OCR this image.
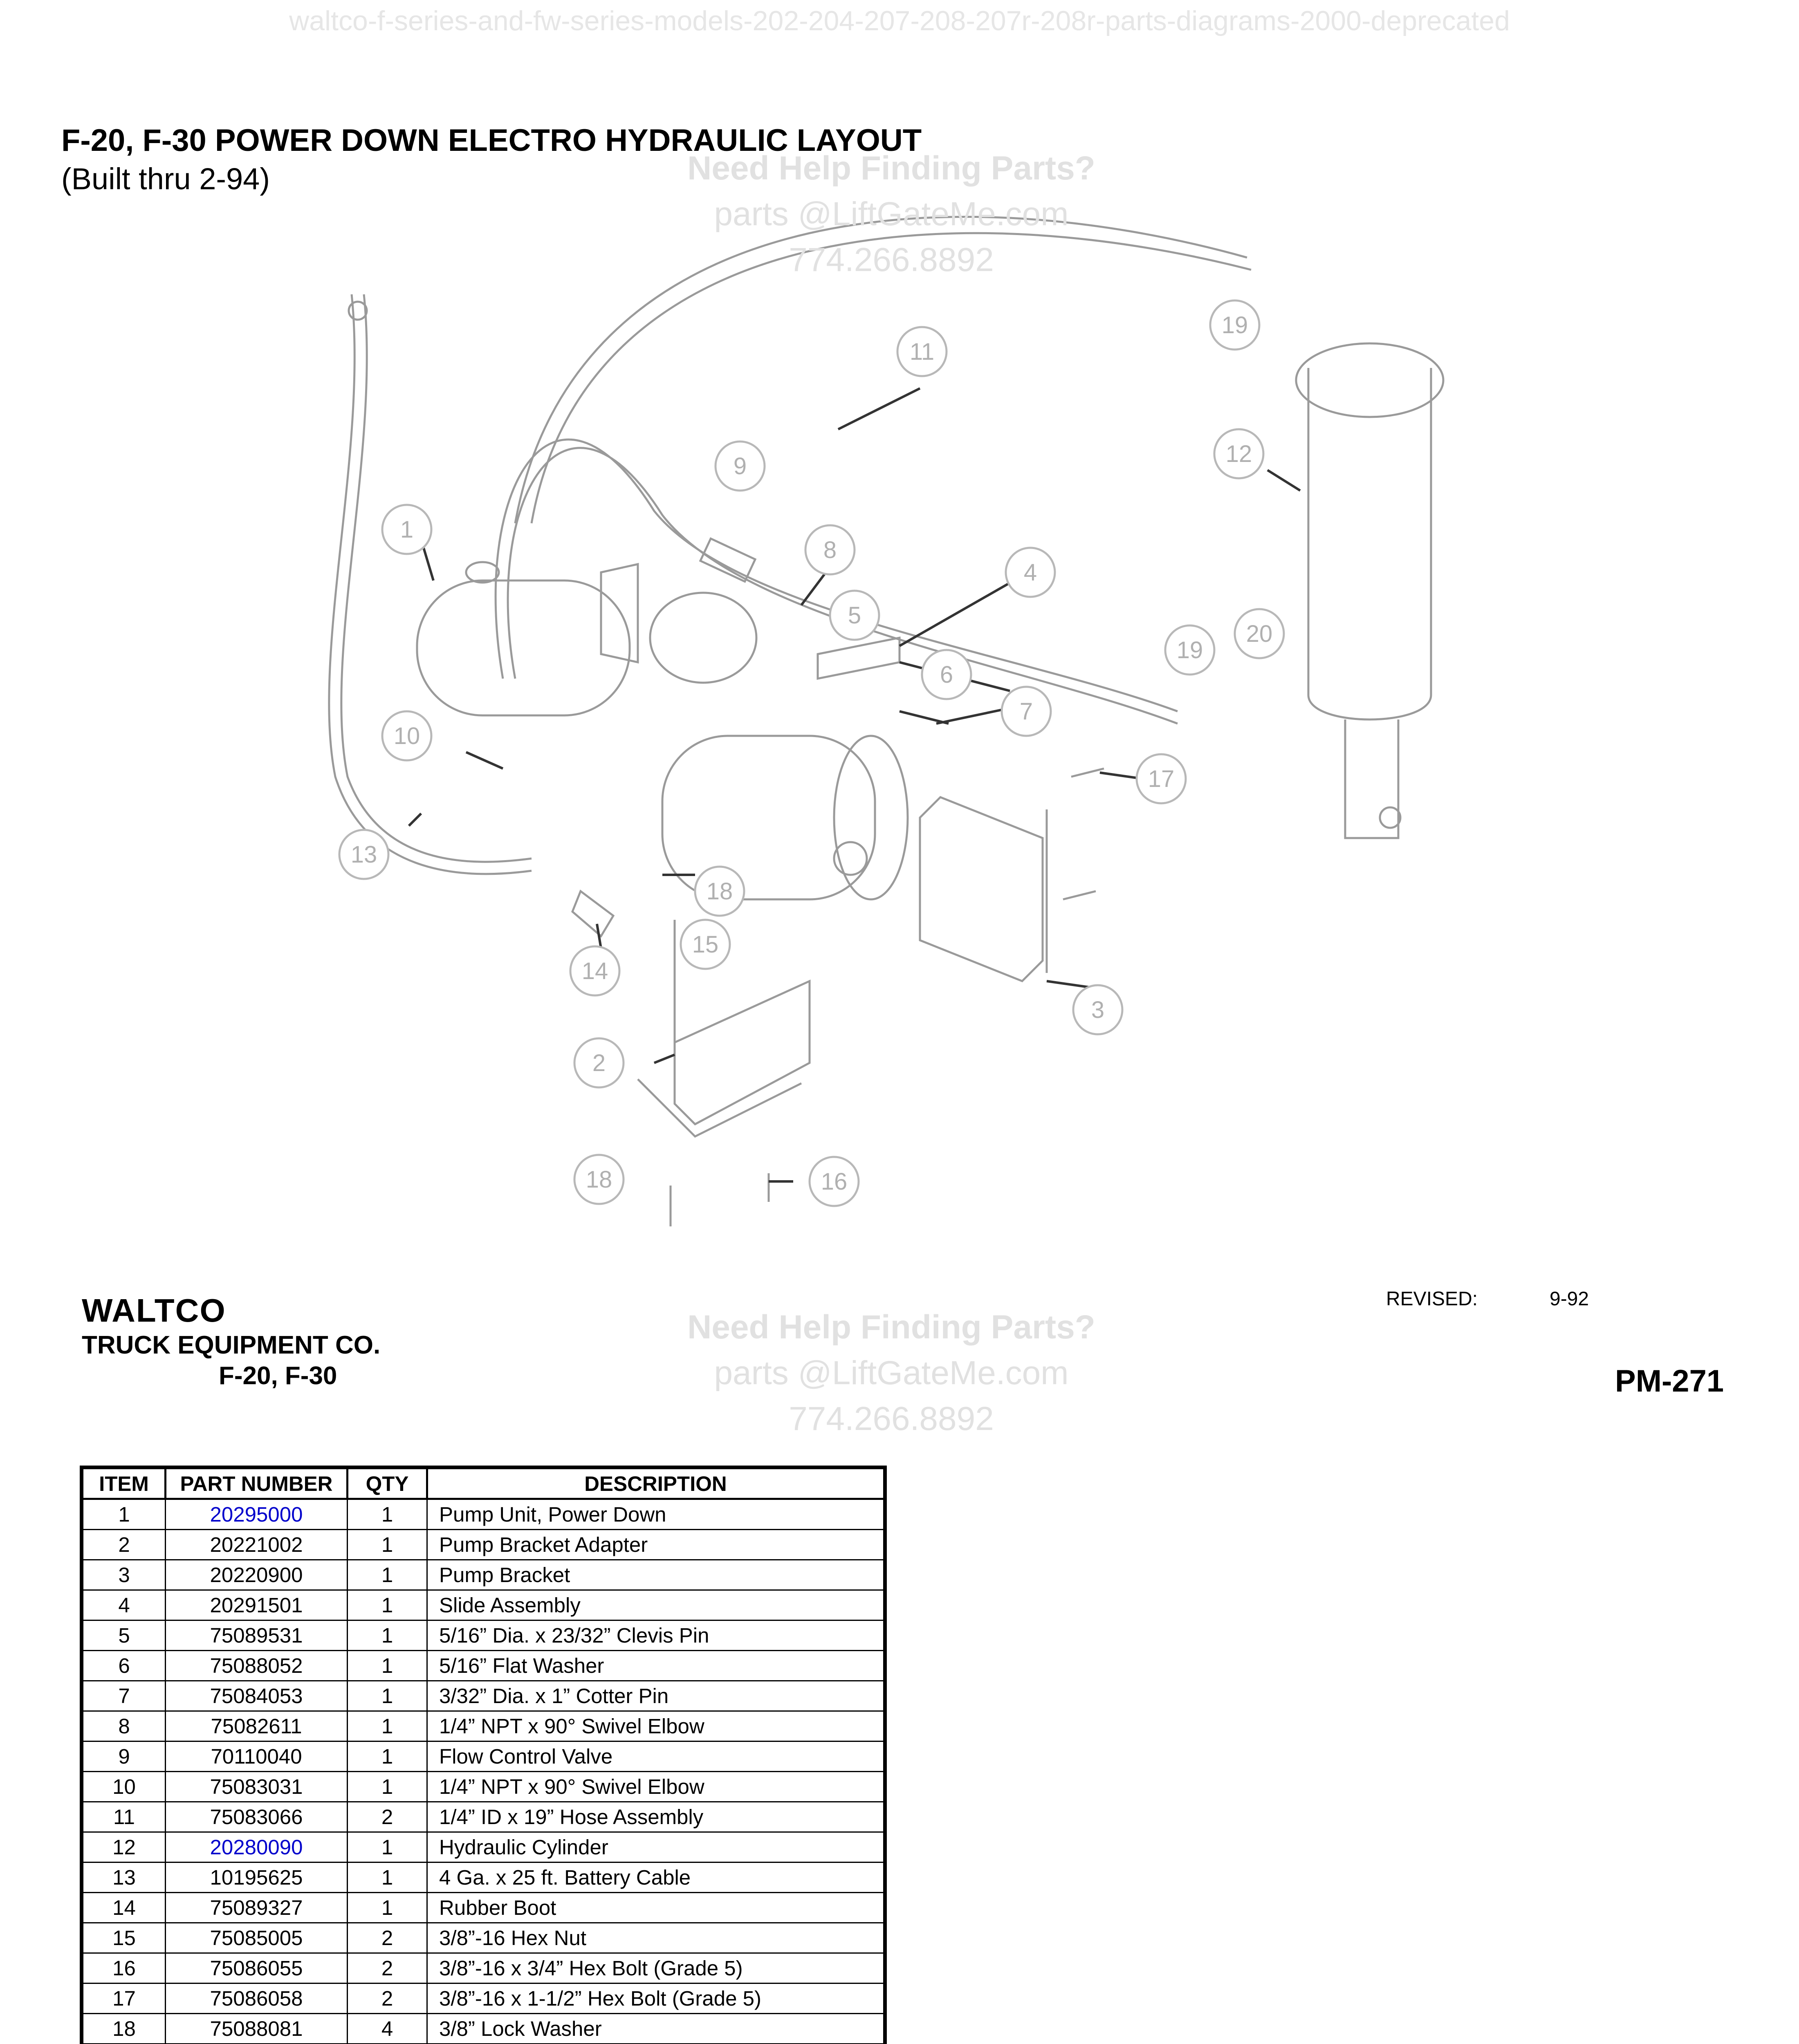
waltco-f-series-and-fw-series-models-202-204-207-208-207r-208r-parts-diagrams-2000-deprecated
F-20, F-30 POWER DOWN ELECTRO HYDRAULIC LAYOUT
(Built thru 2-94)
1
2
3
4
5
6
7
8
9
10
11
12
13
14
15
16
17
18
18
19
19
20
Need Help Finding Parts?
parts @LiftGateMe.com
774.266.8892
Need Help Finding Parts?
parts @LiftGateMe.com
774.266.8892
WALTCO
TRUCK EQUIPMENT CO.
F-20, F-30
REVISED:	9-92
PM-271
ITEM	PART NUMBER	QTY	DESCRIPTION
1	20295000	1	Pump Unit, Power Down
2	20221002	1	Pump Bracket Adapter
3	20220900	1	Pump Bracket
4	20291501	1	Slide Assembly
5	75089531	1	5/16” Dia. x 23/32” Clevis Pin
6	75088052	1	5/16” Flat Washer
7	75084053	1	3/32” Dia. x 1” Cotter Pin
8	75082611	1	1/4” NPT x 90° Swivel Elbow
9	70110040	1	Flow Control Valve
10	75083031	1	1/4” NPT x 90° Swivel Elbow
11	75083066	2	1/4” ID x 19” Hose Assembly
12	20280090	1	Hydraulic Cylinder
13	10195625	1	4 Ga. x 25 ft. Battery Cable
14	75089327	1	Rubber Boot
15	75085005	2	3/8”-16 Hex Nut
16	75086055	2	3/8”-16 x 3/4” Hex Bolt (Grade 5)
17	75086058	2	3/8”-16 x 1-1/2” Hex Bolt (Grade 5)
18	75088081	4	3/8” Lock Washer
